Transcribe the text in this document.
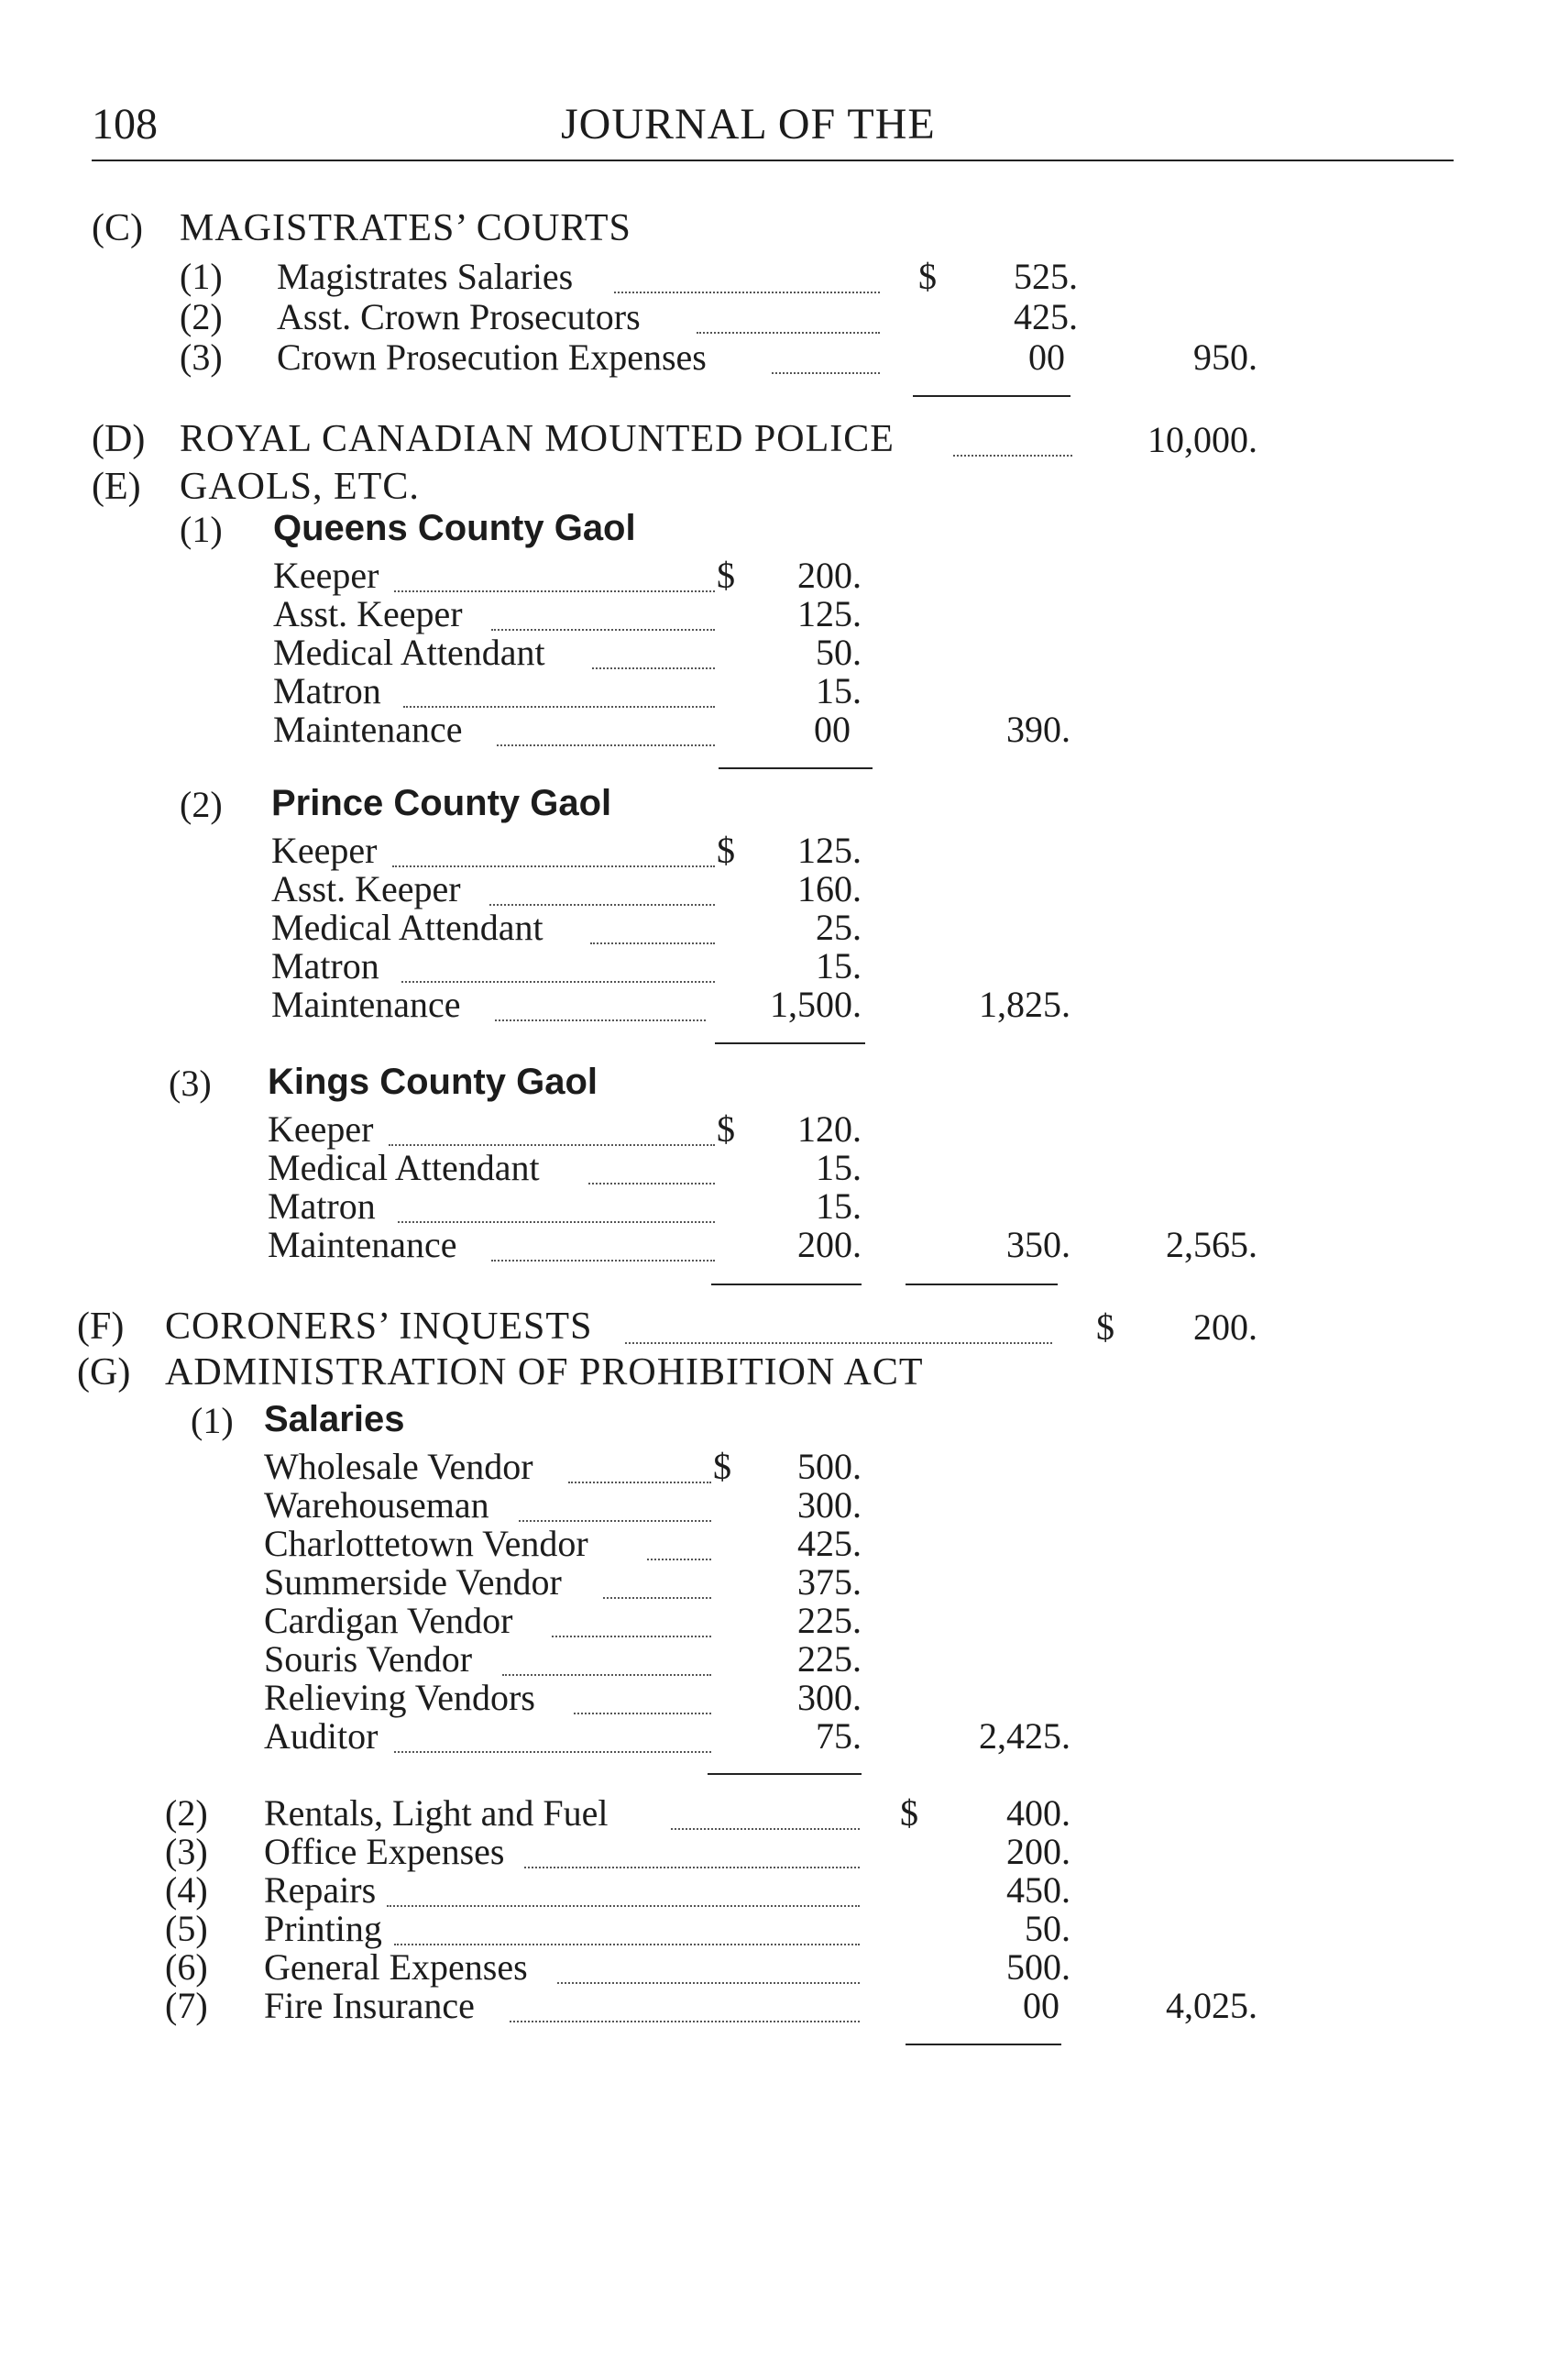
108	JOURNAL OF THE
(C) MAGISTRATES’ COURTS
(1) Magistrates Salaries	$	525.
(2) Asst. Crown Prosecutors	425.
(3) Crown Prosecution Expenses	00	950.
(D) ROYAL CANADIAN MOUNTED POLICE	10,000.
(E) GAOLS, ETC.
(1) Queens County Gaol
Keeper	$	200.
Asst. Keeper	125.
Medical Attendant	50.
Matron	15.
Maintenance	00	390.
(2) Prince County Gaol
Keeper	$	125.
Asst. Keeper	160.
Medical Attendant	25.
Matron	15.
Maintenance	1,500.	1,825.
(3) Kings County Gaol
Keeper	$	120.
Medical Attendant	15.
Matron	15.
Maintenance	200.	350.	2,565.
(F) CORONERS’ INQUESTS	$	200.
(G) ADMINISTRATION OF PROHIBITION ACT
(1) Salaries
Wholesale Vendor	$	500.
Warehouseman	300.
Charlottetown Vendor	425.
Summerside Vendor	375.
Cardigan Vendor	225.
Souris Vendor	225.
Relieving Vendors	300.
Auditor	75.	2,425.
(2) Rentals, Light and Fuel	$	400.
(3) Office Expenses	200.
(4) Repairs	450.
(5) Printing	50.
(6) General Expenses	500.
(7) Fire Insurance	00	4,025.
